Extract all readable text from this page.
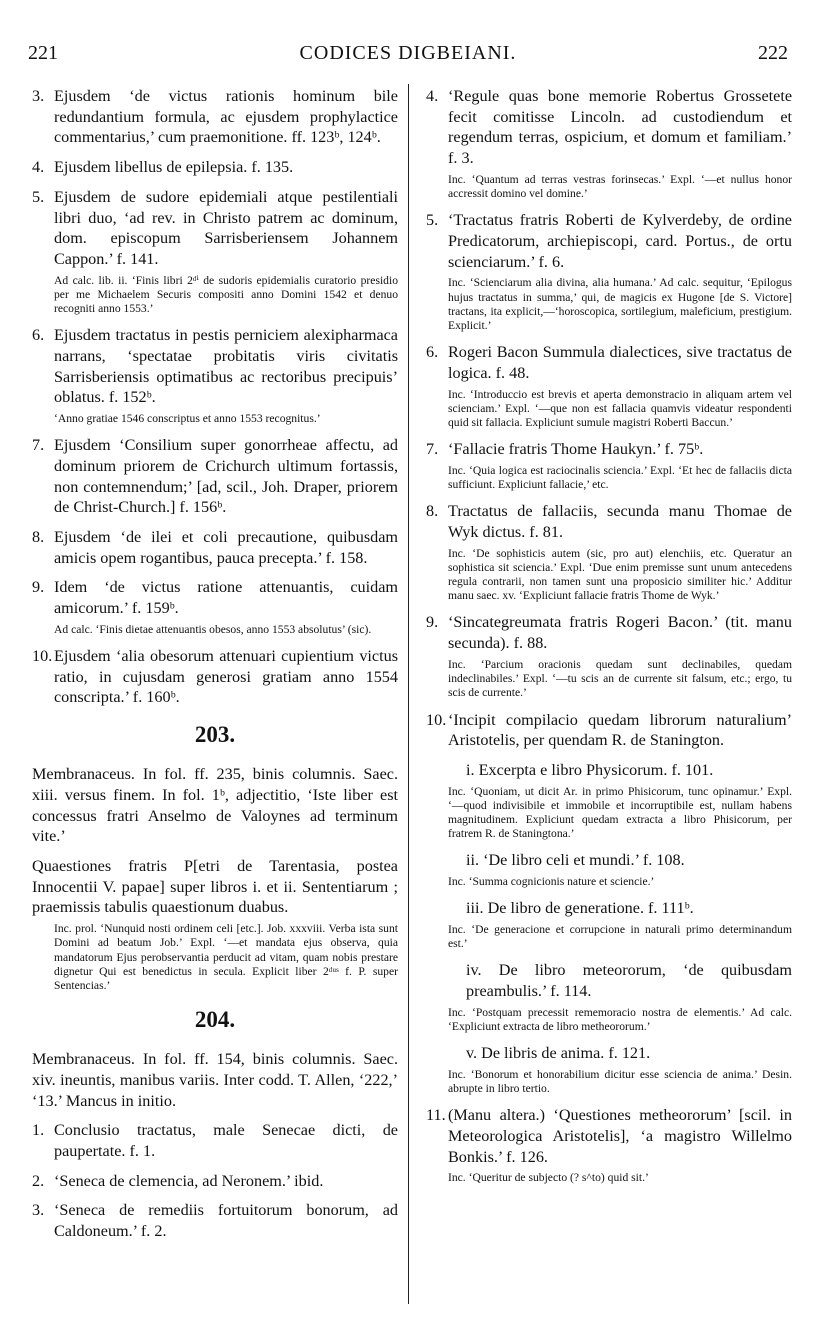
221	CODICES DIGBEIANI.	222

3. Ejusdem ‘de victus rationis hominum bile redundantium formula, ac ejusdem prophylactice commentarius,’ cum praemonitione. ff. 123ᵇ, 124ᵇ.

4. Ejusdem libellus de epilepsia. f. 135.

5. Ejusdem de sudore epidemiali atque pestilentiali libri duo, ‘ad rev. in Christo patrem ac dominum, dom. episcopum Sarrisberiensem Johannem Cappon.’ f. 141.

Ad calc. lib. ii. ‘Finis libri 2ᵈⁱ de sudoris epidemialis curatorio presidio per me Michaelem Securis compositi anno Domini 1542 et denuo recogniti anno 1553.’

6. Ejusdem tractatus in pestis perniciem alexipharmaca narrans, ‘spectatae probitatis viris civitatis Sarrisberiensis optimatibus ac rectoribus precipuis’ oblatus. f. 152ᵇ.

‘Anno gratiae 1546 conscriptus et anno 1553 recognitus.’

7. Ejusdem ‘Consilium super gonorrheae affectu, ad dominum priorem de Crichurch ultimum fortassis, non contemnendum;’ [ad, scil., Joh. Draper, priorem de Christ-Church.] f. 156ᵇ.

8. Ejusdem ‘de ilei et coli precautione, quibusdam amicis opem rogantibus, pauca precepta.’ f. 158.

9. Idem ‘de victus ratione attenuantis, cuidam amicorum.’ f. 159ᵇ.

Ad calc. ‘Finis dietae attenuantis obesos, anno 1553 absolutus’ (sic).

10. Ejusdem ‘alia obesorum attenuari cupientium victus ratio, in cujusdam generosi gratiam anno 1554 conscripta.’ f. 160ᵇ.

203.

Membranaceus. In fol. ff. 235, binis columnis. Saec. xiii. versus finem. In fol. 1ᵇ, adjectitio, ‘Iste liber est concessus fratri Anselmo de Valoynes ad terminum vite.’

Quaestiones fratris P[etri de Tarentasia, postea Innocentii V. papae] super libros i. et ii. Sententiarum ; praemissis tabulis quaestionum duabus.

Inc. prol. ‘Nunquid nosti ordinem celi [etc.]. Job. xxxviii. Verba ista sunt Domini ad beatum Job.’ Expl. ‘—et mandata ejus observa, quia mandatorum Ejus perobservantia perducit ad vitam, quam nobis prestare dignetur Qui est benedictus in secula. Explicit liber 2ᵈᵘˢ f. P. super Sentencias.’

204.

Membranaceus. In fol. ff. 154, binis columnis. Saec. xiv. ineuntis, manibus variis. Inter codd. T. Allen, ‘222,’ ‘13.’ Mancus in initio.

1. Conclusio tractatus, male Senecae dicti, de paupertate. f. 1.

2. ‘Seneca de clemencia, ad Neronem.’ ibid.

3. ‘Seneca de remediis fortuitorum bonorum, ad Caldoneum.’ f. 2.

4. ‘Regule quas bone memorie Robertus Grossetete fecit comitisse Lincoln. ad custodiendum et regendum terras, ospicium, et domum et familiam.’ f. 3.

Inc. ‘Quantum ad terras vestras forinsecas.’ Expl. ‘—et nullus honor accressit domino vel domine.’

5. ‘Tractatus fratris Roberti de Kylverdeby, de ordine Predicatorum, archiepiscopi, card. Portus., de ortu scienciarum.’ f. 6.

Inc. ‘Scienciarum alia divina, alia humana.’ Ad calc. sequitur, ‘Epilogus hujus tractatus in summa,’ qui, de magicis ex Hugone [de S. Victore] tractans, ita explicit,—‘horoscopica, sortilegium, maleficium, prestigium. Explicit.’

6. Rogeri Bacon Summula dialectices, sive tractatus de logica. f. 48.

Inc. ‘Introduccio est brevis et aperta demonstracio in aliquam artem vel scienciam.’ Expl. ‘—que non est fallacia quamvis videatur respondenti quid sit fallacia. Expliciunt sumule magistri Roberti Baccun.’

7. ‘Fallacie fratris Thome Haukyn.’ f. 75ᵇ.

Inc. ‘Quia logica est raciocinalis sciencia.’ Expl. ‘Et hec de fallaciis dicta sufficiunt. Expliciunt fallacie,’ etc.

8. Tractatus de fallaciis, secunda manu Thomae de Wyk dictus. f. 81.

Inc. ‘De sophisticis autem (sic, pro aut) elenchiis, etc. Queratur an sophistica sit sciencia.’ Expl. ‘Due enim premisse sunt unum antecedens regula contrarii, non tamen sunt una proposicio similiter hic.’ Additur manu saec. xv. ‘Expliciunt fallacie fratris Thome de Wyk.’

9. ‘Sincategreumata fratris Rogeri Bacon.’ (tit. manu secunda). f. 88.

Inc. ‘Parcium oracionis quedam sunt declinabiles, quedam indeclinabiles.’ Expl. ‘—tu scis an de currente sit falsum, etc.; ergo, tu scis de currente.’

10. ‘Incipit compilacio quedam librorum naturalium’ Aristotelis, per quendam R. de Stanington.

i. Excerpta e libro Physicorum. f. 101.

Inc. ‘Quoniam, ut dicit Ar. in primo Phisicorum, tunc opinamur.’ Expl. ‘—quod indivisibile et immobile et incorruptibile est, nullam habens magnitudinem. Expliciunt quedam extracta a libro Phisicorum, per fratrem R. de Staningtona.’

ii. ‘De libro celi et mundi.’ f. 108.

Inc. ‘Summa cognicionis nature et sciencie.’

iii. De libro de generatione. f. 111ᵇ.

Inc. ‘De generacione et corrupcione in naturali primo determinandum est.’

iv. De libro meteororum, ‘de quibusdam preambulis.’ f. 114.

Inc. ‘Postquam precessit rememoracio nostra de elementis.’ Ad calc. ‘Expliciunt extracta de libro metheororum.’

v. De libris de anima. f. 121.

Inc. ‘Bonorum et honorabilium dicitur esse sciencia de anima.’ Desin. abrupte in libro tertio.

11. (Manu altera.) ‘Questiones metheororum’ [scil. in Meteorologica Aristotelis], ‘a magistro Willelmo Bonkis.’ f. 126.

Inc. ‘Queritur de subjecto (? s^to) quid sit.’
